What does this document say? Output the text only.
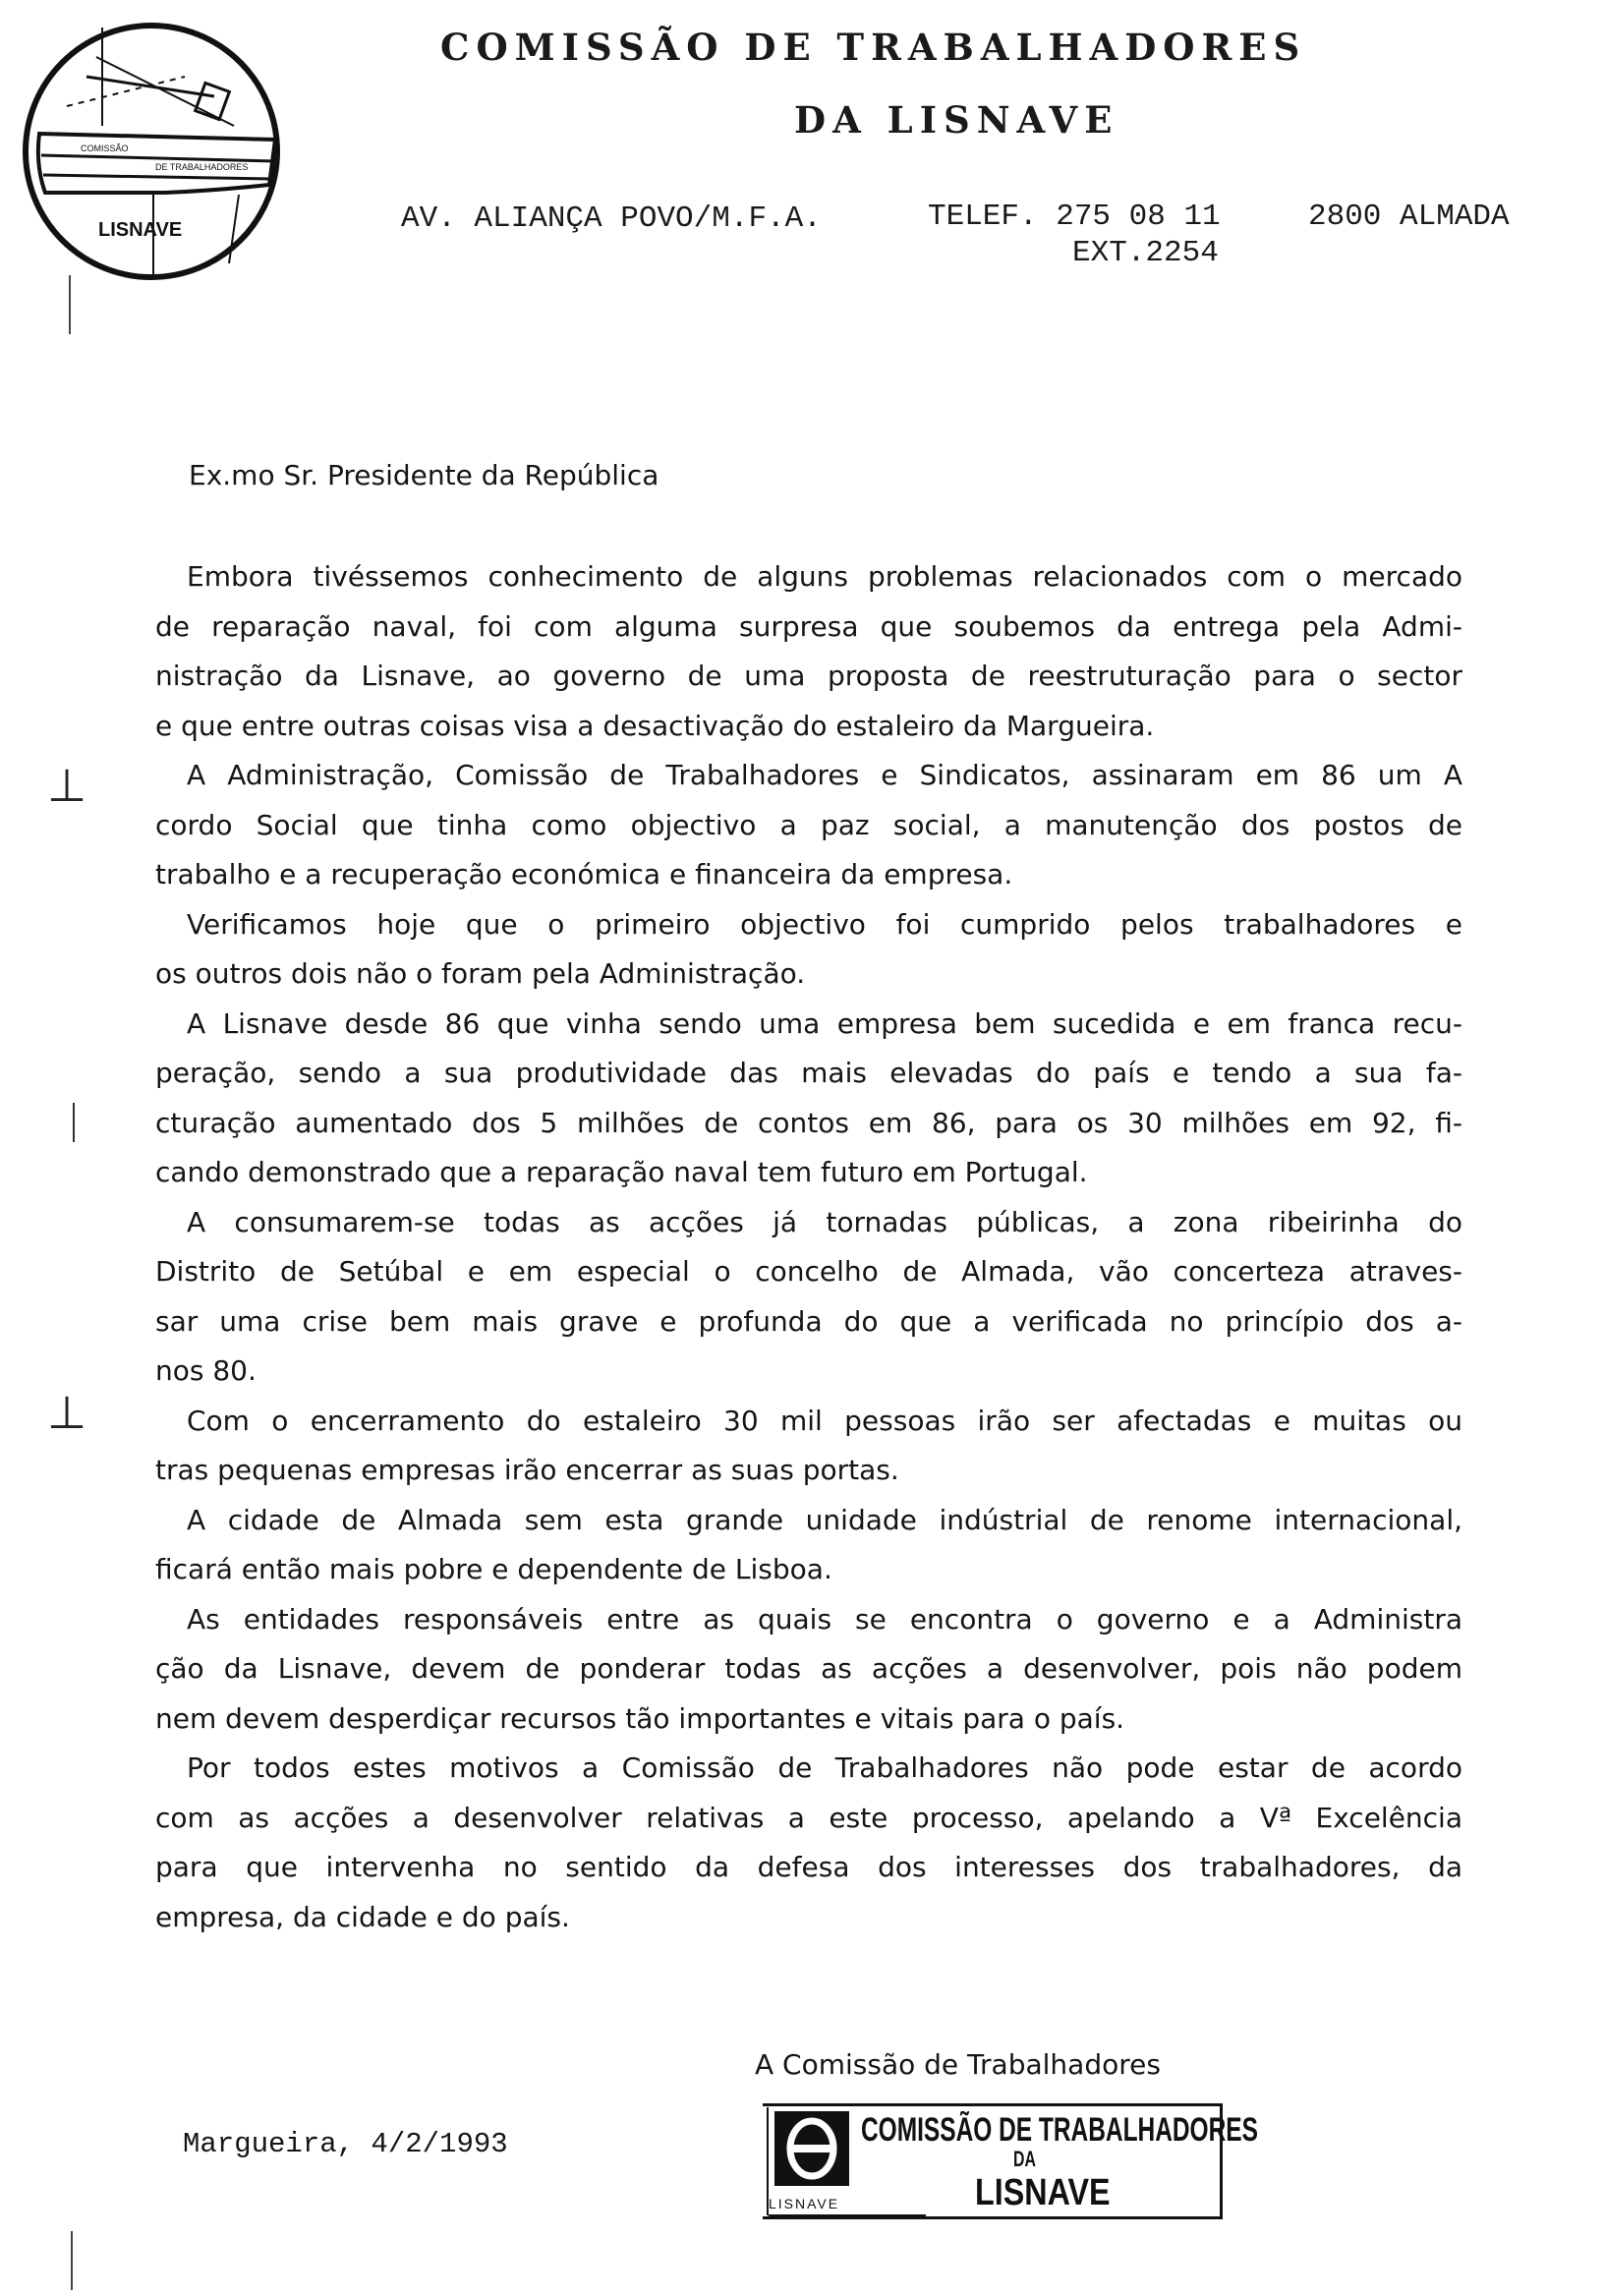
COMISSÃO
DE TRABALHADORES
LISNAVE
COMISSÃO DE TRABALHADORES
DA LISNAVE
AV. ALIANÇA POVO/M.F.A.	TELEF. 275 08 11
EXT.2254
2800 ALMADA
Ex.mo Sr. Presidente da República
Embora tivéssemos conhecimento de alguns problemas relacionados com o mercado
de reparação naval, foi com alguma surpresa que soubemos da entrega pela Admi-
nistração da Lisnave, ao governo de uma proposta de reestruturação para o sector
e que entre outras coisas visa a desactivação do estaleiro da Margueira.
A Administração, Comissão de Trabalhadores e Sindicatos, assinaram em 86 um A
cordo Social que tinha como objectivo a paz social, a manutenção dos postos de
trabalho e a recuperação económica e financeira da empresa.
Verificamos hoje que o primeiro objectivo foi cumprido pelos trabalhadores e
os outros dois não o foram pela Administração.
A Lisnave desde 86 que vinha sendo uma empresa bem sucedida e em franca recu-
peração, sendo a sua produtividade das mais elevadas do país e tendo a sua fa-
cturação aumentado dos 5 milhões de contos em 86, para os 30 milhões em 92, fi-
cando demonstrado que a reparação naval tem futuro em Portugal.
A consumarem-se todas as acções já tornadas públicas, a zona ribeirinha do
Distrito de Setúbal e em especial o concelho de Almada, vão concerteza atraves-
sar uma crise bem mais grave e profunda do que a verificada no princípio dos a-
nos 80.
Com o encerramento do estaleiro 30 mil pessoas irão ser afectadas e muitas ou
tras pequenas empresas irão encerrar as suas portas.
A cidade de Almada sem esta grande unidade indústrial de renome internacional,
ficará então mais pobre e dependente de Lisboa.
As entidades responsáveis entre as quais se encontra o governo e a Administra
ção da Lisnave, devem de ponderar todas as acções a desenvolver, pois não podem
nem devem desperdiçar recursos tão importantes e vitais para o país.
Por todos estes motivos a Comissão de Trabalhadores não pode estar de acordo
com as acções a desenvolver relativas a este processo, apelando a Vª Excelência
para que intervenha no sentido da defesa dos interesses dos trabalhadores, da
empresa, da cidade e do país.
⊥
⊥
A Comissão de Trabalhadores
Margueira, 4/2/1993	COMISSÃO DE TRABALHADORES
DA
LISNAVE
LISNAVE
